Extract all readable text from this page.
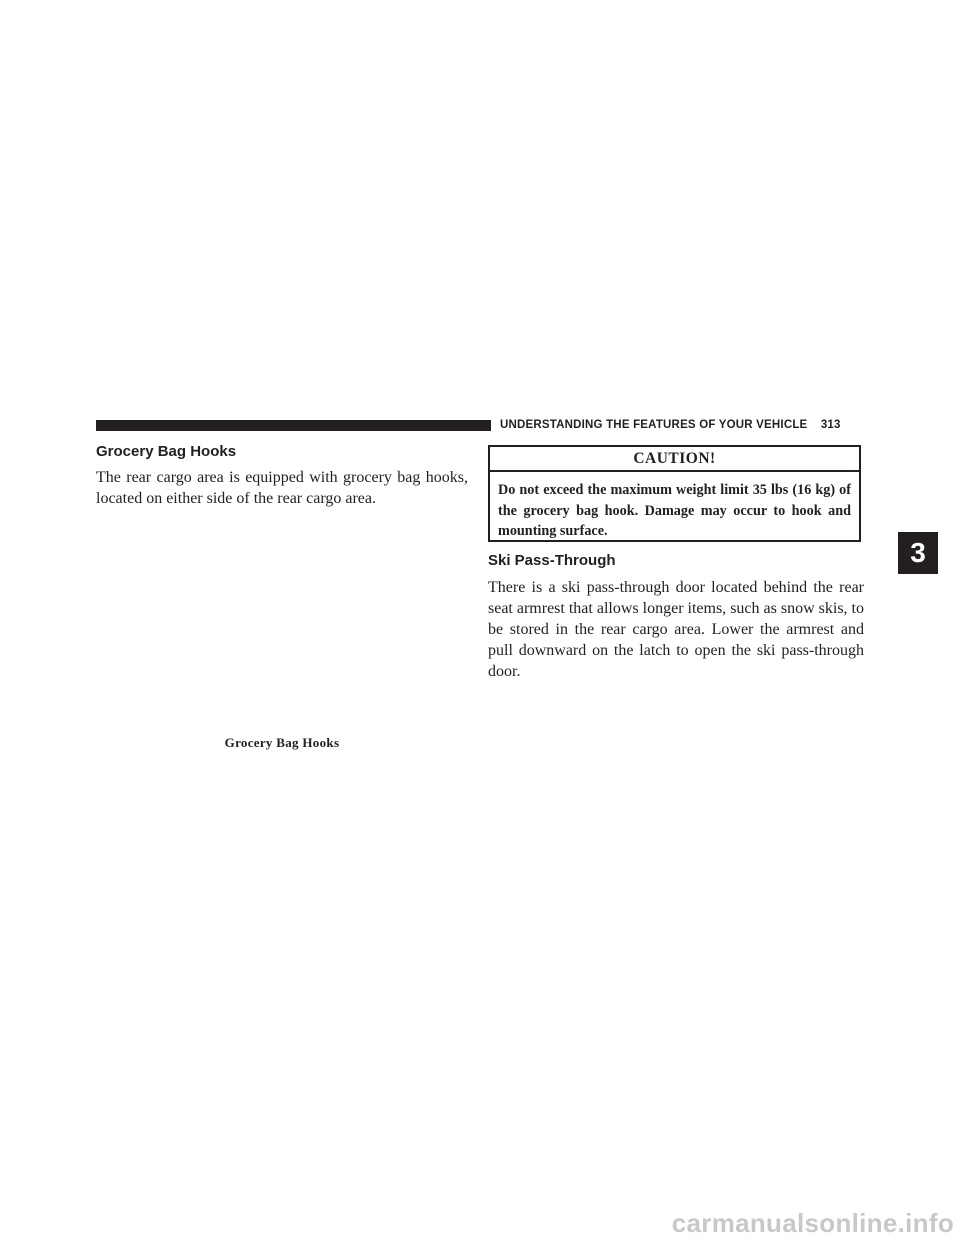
UNDERSTANDING THE FEATURES OF YOUR VEHICLE 313
Grocery Bag Hooks
The rear cargo area is equipped with grocery bag hooks, located on either side of the rear cargo area.
Grocery Bag Hooks
CAUTION!
Do not exceed the maximum weight limit 35 lbs (16 kg) of the grocery bag hook. Damage may occur to hook and mounting surface.
Ski Pass-Through
There is a ski pass-through door located behind the rear seat armrest that allows longer items, such as snow skis, to be stored in the rear cargo area. Lower the armrest and pull downward on the latch to open the ski pass-through door.
3
carmanualsonline.info
